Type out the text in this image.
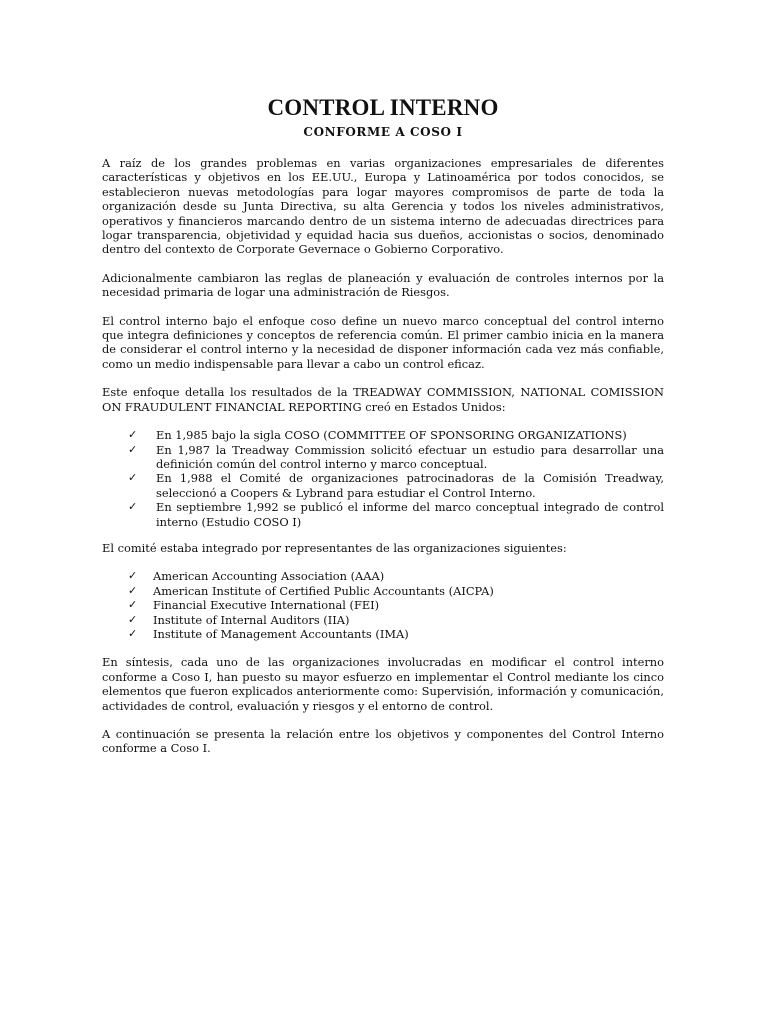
CONTROL INTERNO
CONFORME A COSO I

A raíz de los grandes problemas en varias organizaciones empresariales de diferentes características y objetivos en los EE.UU., Europa y Latinoamérica por todos conocidos, se establecieron nuevas metodologías para logar mayores compromisos de parte de toda la organización desde su Junta Directiva, su alta Gerencia y todos los niveles administrativos, operativos y financieros marcando dentro de un sistema interno de adecuadas directrices para logar transparencia, objetividad y equidad hacia sus dueños, accionistas o socios, denominado dentro del contexto de Corporate Gevernace o Gobierno Corporativo.

Adicionalmente cambiaron las reglas de planeación y evaluación de controles internos por la necesidad primaria de logar una administración de Riesgos.

El control interno bajo el enfoque coso define un nuevo marco conceptual del control interno que integra definiciones y conceptos de referencia común. El primer cambio inicia en la manera de considerar el control interno y la necesidad de disponer información cada vez más confiable, como un medio indispensable para llevar a cabo un control eficaz.

Este enfoque detalla los resultados de la TREADWAY COMMISSION, NATIONAL COMISSION ON FRAUDULENT FINANCIAL REPORTING creó en Estados Unidos:

✓ En 1,985 bajo la sigla COSO (COMMITTEE OF SPONSORING ORGANIZATIONS)
✓ En 1,987 la Treadway Commission solicitó efectuar un estudio para desarrollar una definición común del control interno y marco conceptual.
✓ En 1,988 el Comité de organizaciones patrocinadoras de la Comisión Treadway, seleccionó a Coopers & Lybrand para estudiar el Control Interno.
✓ En septiembre 1,992 se publicó el informe del marco conceptual integrado de control interno (Estudio COSO I)

El comité estaba integrado por representantes de las organizaciones siguientes:

✓ American Accounting Association (AAA)
✓ American Institute of Certified Public Accountants (AICPA)
✓ Financial Executive International (FEI)
✓ Institute of Internal Auditors (IIA)
✓ Institute of Management Accountants (IMA)

En síntesis, cada uno de las organizaciones involucradas en modificar el control interno conforme a Coso I, han puesto su mayor esfuerzo en implementar el Control mediante los cinco elementos que fueron explicados anteriormente como: Supervisión, información y comunicación, actividades de control, evaluación y riesgos y el entorno de control.

A continuación se presenta la relación entre los objetivos y componentes del Control Interno conforme a Coso I.
